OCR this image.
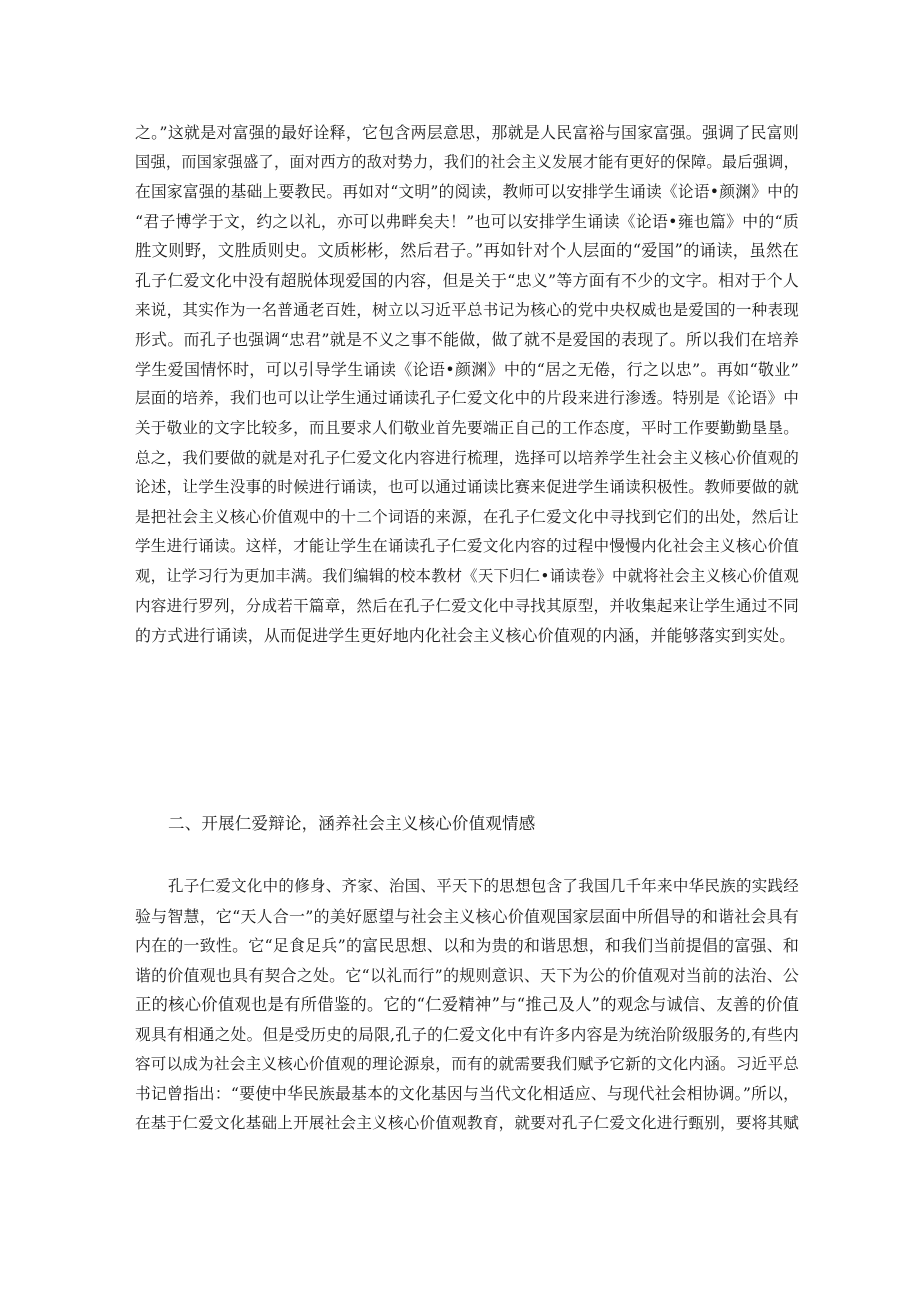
之。”这就是对富强的最好诠释，它包含两层意思，那就是人民富裕与国家富强。强调了民富则
国强，而国家强盛了，面对西方的敌对势力，我们的社会主义发展才能有更好的保障。最后强调，
在国家富强的基础上要教民。再如对“文明”的阅读，教师可以安排学生诵读《论语•颜渊》中的
“君子博学于文，约之以礼，亦可以弗畔矣夫！”也可以安排学生诵读《论语•雍也篇》中的“质
胜文则野，文胜质则史。文质彬彬，然后君子。”再如针对个人层面的“爱国”的诵读，虽然在
孔子仁爱文化中没有超脱体现爱国的内容，但是关于“忠义”等方面有不少的文字。相对于个人
来说，其实作为一名普通老百姓，树立以习近平总书记为核心的党中央权威也是爱国的一种表现
形式。而孔子也强调“忠君”就是不义之事不能做，做了就不是爱国的表现了。所以我们在培养
学生爱国情怀时，可以引导学生诵读《论语•颜渊》中的“居之无倦，行之以忠”。再如“敬业”
层面的培养，我们也可以让学生通过诵读孔子仁爱文化中的片段来进行渗透。特别是《论语》中
关于敬业的文字比较多，而且要求人们敬业首先要端正自己的工作态度，平时工作要勤勤垦垦。
总之，我们要做的就是对孔子仁爱文化内容进行梳理，选择可以培养学生社会主义核心价值观的
论述，让学生没事的时候进行诵读，也可以通过诵读比赛来促进学生诵读积极性。教师要做的就
是把社会主义核心价值观中的十二个词语的来源，在孔子仁爱文化中寻找到它们的出处，然后让
学生进行诵读。这样，才能让学生在诵读孔子仁爱文化内容的过程中慢慢内化社会主义核心价值
观，让学习行为更加丰满。我们编辑的校本教材《天下归仁•诵读卷》中就将社会主义核心价值观
内容进行罗列，分成若干篇章，然后在孔子仁爱文化中寻找其原型，并收集起来让学生通过不同
的方式进行诵读，从而促进学生更好地内化社会主义核心价值观的内涵，并能够落实到实处。
二、开展仁爱辩论，涵养社会主义核心价值观情感
孔子仁爱文化中的修身、齐家、治国、平天下的思想包含了我国几千年来中华民族的实践经
验与智慧，它“天人合一”的美好愿望与社会主义核心价值观国家层面中所倡导的和谐社会具有
内在的一致性。它“足食足兵”的富民思想、以和为贵的和谐思想，和我们当前提倡的富强、和
谐的价值观也具有契合之处。它“以礼而行”的规则意识、天下为公的价值观对当前的法治、公
正的核心价值观也是有所借鉴的。它的“仁爱精神”与“推己及人”的观念与诚信、友善的价值
观具有相通之处。但是受历史的局限,孔子的仁爱文化中有许多内容是为统治阶级服务的,有些内
容可以成为社会主义核心价值观的理论源泉，而有的就需要我们赋予它新的文化内涵。习近平总
书记曾指出：“要使中华民族最基本的文化基因与当代文化相适应、与现代社会相协调。”所以，
在基于仁爱文化基础上开展社会主义核心价值观教育，就要对孔子仁爱文化进行甄别，要将其赋
